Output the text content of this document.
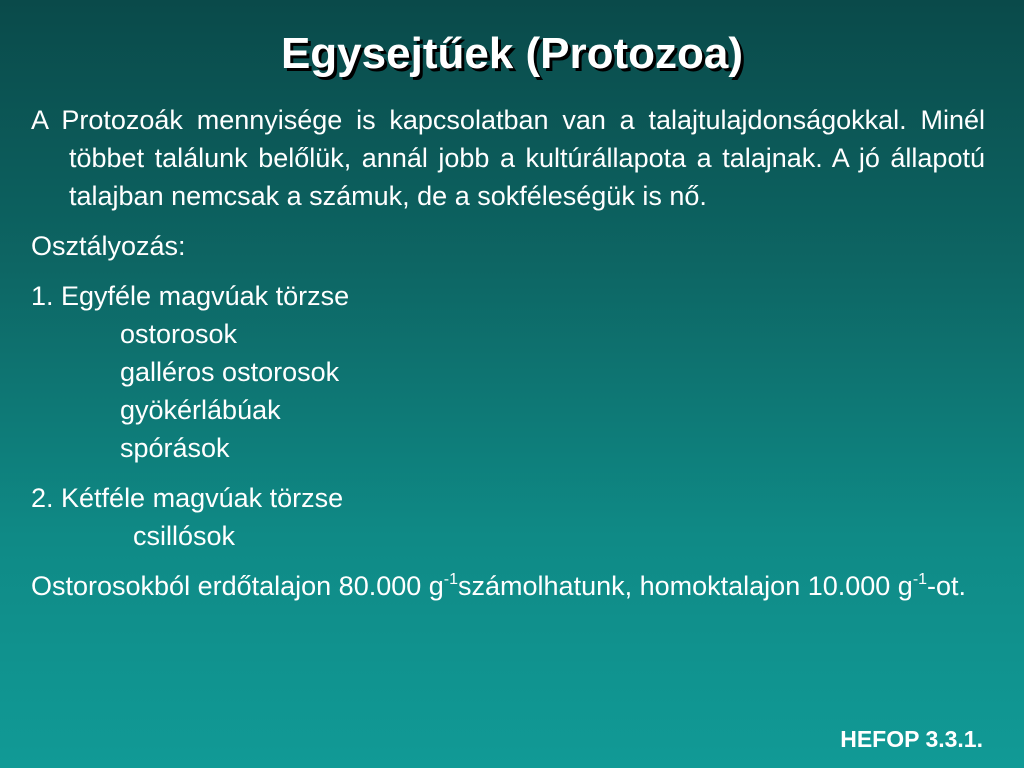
Egysejtűek (Protozoa)

A Protozoák mennyisége is kapcsolatban van a talajtulajdonságokkal. Minél többet találunk belőlük, annál jobb a kultúrállapota a talajnak. A jó állapotú talajban nemcsak a számuk, de a sokféleségük is nő.

Osztályozás:

1. Egyféle magvúak törzse

ostorosok

galléros ostorosok

gyökérlábúak

spórások

2. Kétféle magvúak törzse

csillósok

Ostorosokból erdőtalajon 80.000 $g^{-1}számolhatunk$, homoktalajon 10.000 $g^{-1}-ot$.

HEFOP 3.3.1.
